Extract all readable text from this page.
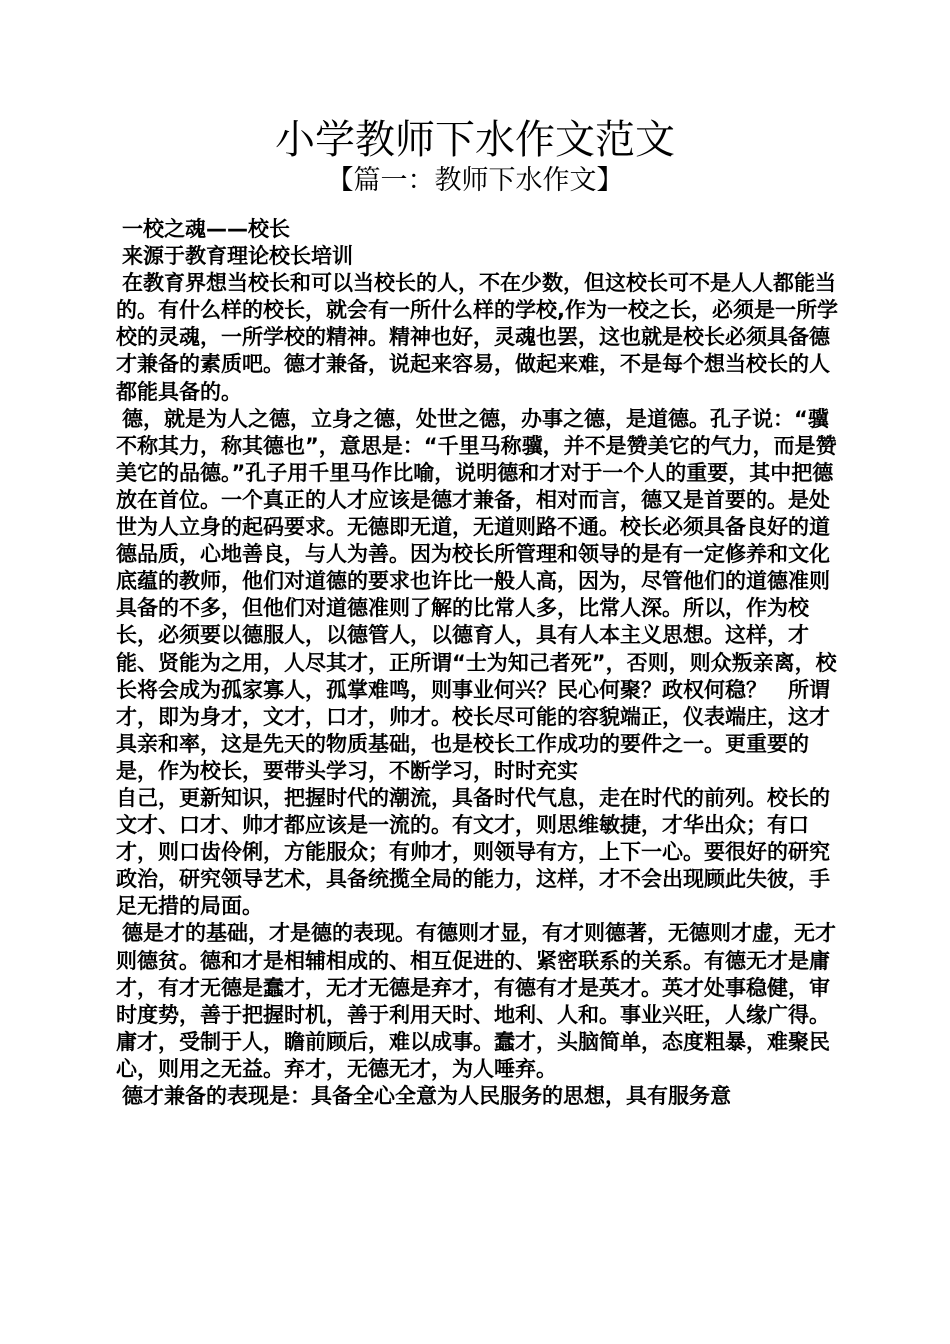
小学教师下水作文范文
【篇一：教师下水作文】

一校之魂——校长

来源于教育理论校长培训

在教育界想当校长和可以当校长的人，不在少数，但这校长可不是人人都能当的。有什么样的校长，就会有一所什么样的学校,作为一校之长，必须是一所学校的灵魂，一所学校的精神。精神也好，灵魂也罢，这也就是校长必须具备德才兼备的素质吧。德才兼备，说起来容易，做起来难，不是每个想当校长的人都能具备的。

德，就是为人之德，立身之德，处世之德，办事之德，是道德。孔子说：“骥不称其力，称其德也”，意思是：“千里马称骥，并不是赞美它的气力，而是赞美它的品德。”孔子用千里马作比喻，说明德和才对于一个人的重要，其中把德放在首位。一个真正的人才应该是德才兼备，相对而言，德又是首要的。是处世为人立身的起码要求。无德即无道，无道则路不通。校长必须具备良好的道德品质，心地善良，与人为善。因为校长所管理和领导的是有一定修养和文化底蕴的教师，他们对道德的要求也许比一般人高，因为，尽管他们的道德准则具备的不多，但他们对道德准则了解的比常人多，比常人深。所以，作为校长，必须要以德服人，以德管人，以德育人，具有人本主义思想。这样，才能、贤能为之用，人尽其才，正所谓“士为知己者死”，否则，则众叛亲离，校长将会成为孤家寡人，孤掌难鸣，则事业何兴？民心何聚？政权何稳？　所谓才，即为身才，文才，口才，帅才。校长尽可能的容貌端正，仪表端庄，这才具亲和率，这是先天的物质基础，也是校长工作成功的要件之一。更重要的是，作为校长，要带头学习，不断学习，时时充实

自己，更新知识，把握时代的潮流，具备时代气息，走在时代的前列。校长的文才、口才、帅才都应该是一流的。有文才，则思维敏捷，才华出众；有口才，则口齿伶俐，方能服众；有帅才，则领导有方，上下一心。要很好的研究政治，研究领导艺术，具备统揽全局的能力，这样，才不会出现顾此失彼，手足无措的局面。

德是才的基础，才是德的表现。有德则才显，有才则德著，无德则才虚，无才则德贫。德和才是相辅相成的、相互促进的、紧密联系的关系。有德无才是庸才，有才无德是蠢才，无才无德是弃才，有德有才是英才。英才处事稳健，审时度势，善于把握时机，善于利用天时、地利、人和。事业兴旺，人缘广得。庸才，受制于人，瞻前顾后，难以成事。蠢才，头脑简单，态度粗暴，难聚民心，则用之无益。弃才，无德无才，为人唾弃。

德才兼备的表现是：具备全心全意为人民服务的思想，具有服务意
